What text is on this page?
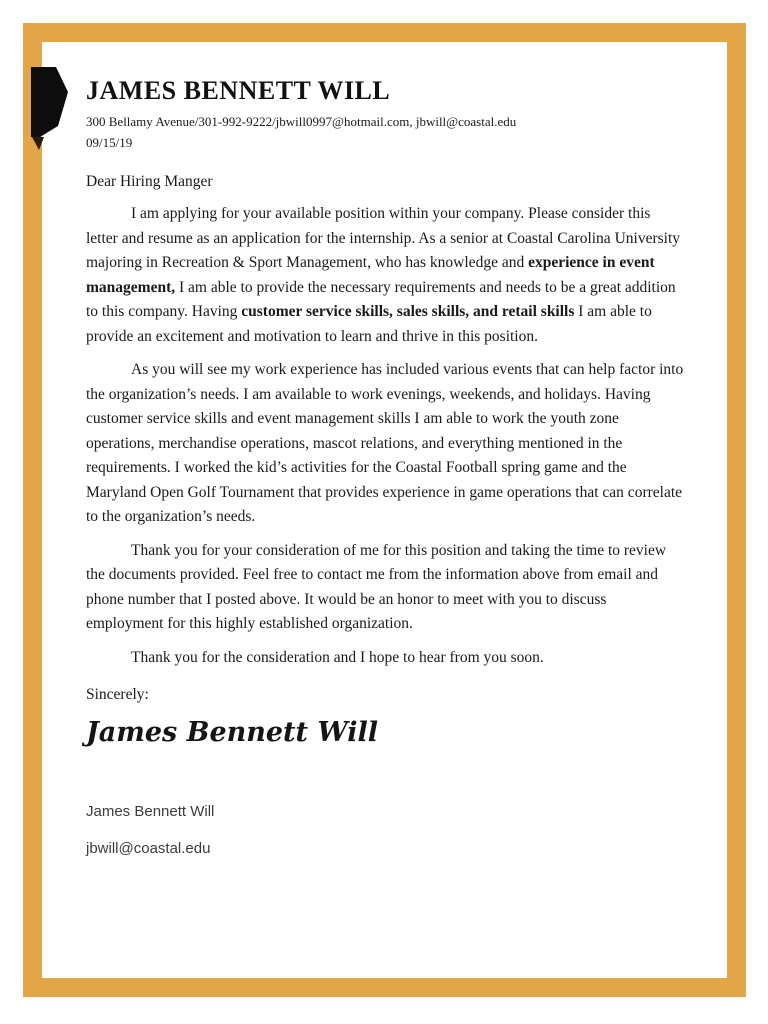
JAMES BENNETT WILL
300 Bellamy Avenue/301-992-9222/jbwill0997@hotmail.com, jbwill@coastal.edu
09/15/19
Dear Hiring Manger

I am applying for your available position within your company. Please consider this letter and resume as an application for the internship. As a senior at Coastal Carolina University majoring in Recreation & Sport Management, who has knowledge and experience in event management, I am able to provide the necessary requirements and needs to be a great addition to this company. Having customer service skills, sales skills, and retail skills I am able to provide an excitement and motivation to learn and thrive in this position.

As you will see my work experience has included various events that can help factor into the organization’s needs. I am available to work evenings, weekends, and holidays. Having customer service skills and event management skills I am able to work the youth zone operations, merchandise operations, mascot relations, and everything mentioned in the requirements. I worked the kid’s activities for the Coastal Football spring game and the Maryland Open Golf Tournament that provides experience in game operations that can correlate to the organization’s needs.

Thank you for your consideration of me for this position and taking the time to review the documents provided. Feel free to contact me from the information above from email and phone number that I posted above. It would be an honor to meet with you to discuss employment for this highly established organization.

Thank you for the consideration and I hope to hear from you soon.

Sincerely:
James Bennett Will
James Bennett Will
jbwill@coastal.edu
